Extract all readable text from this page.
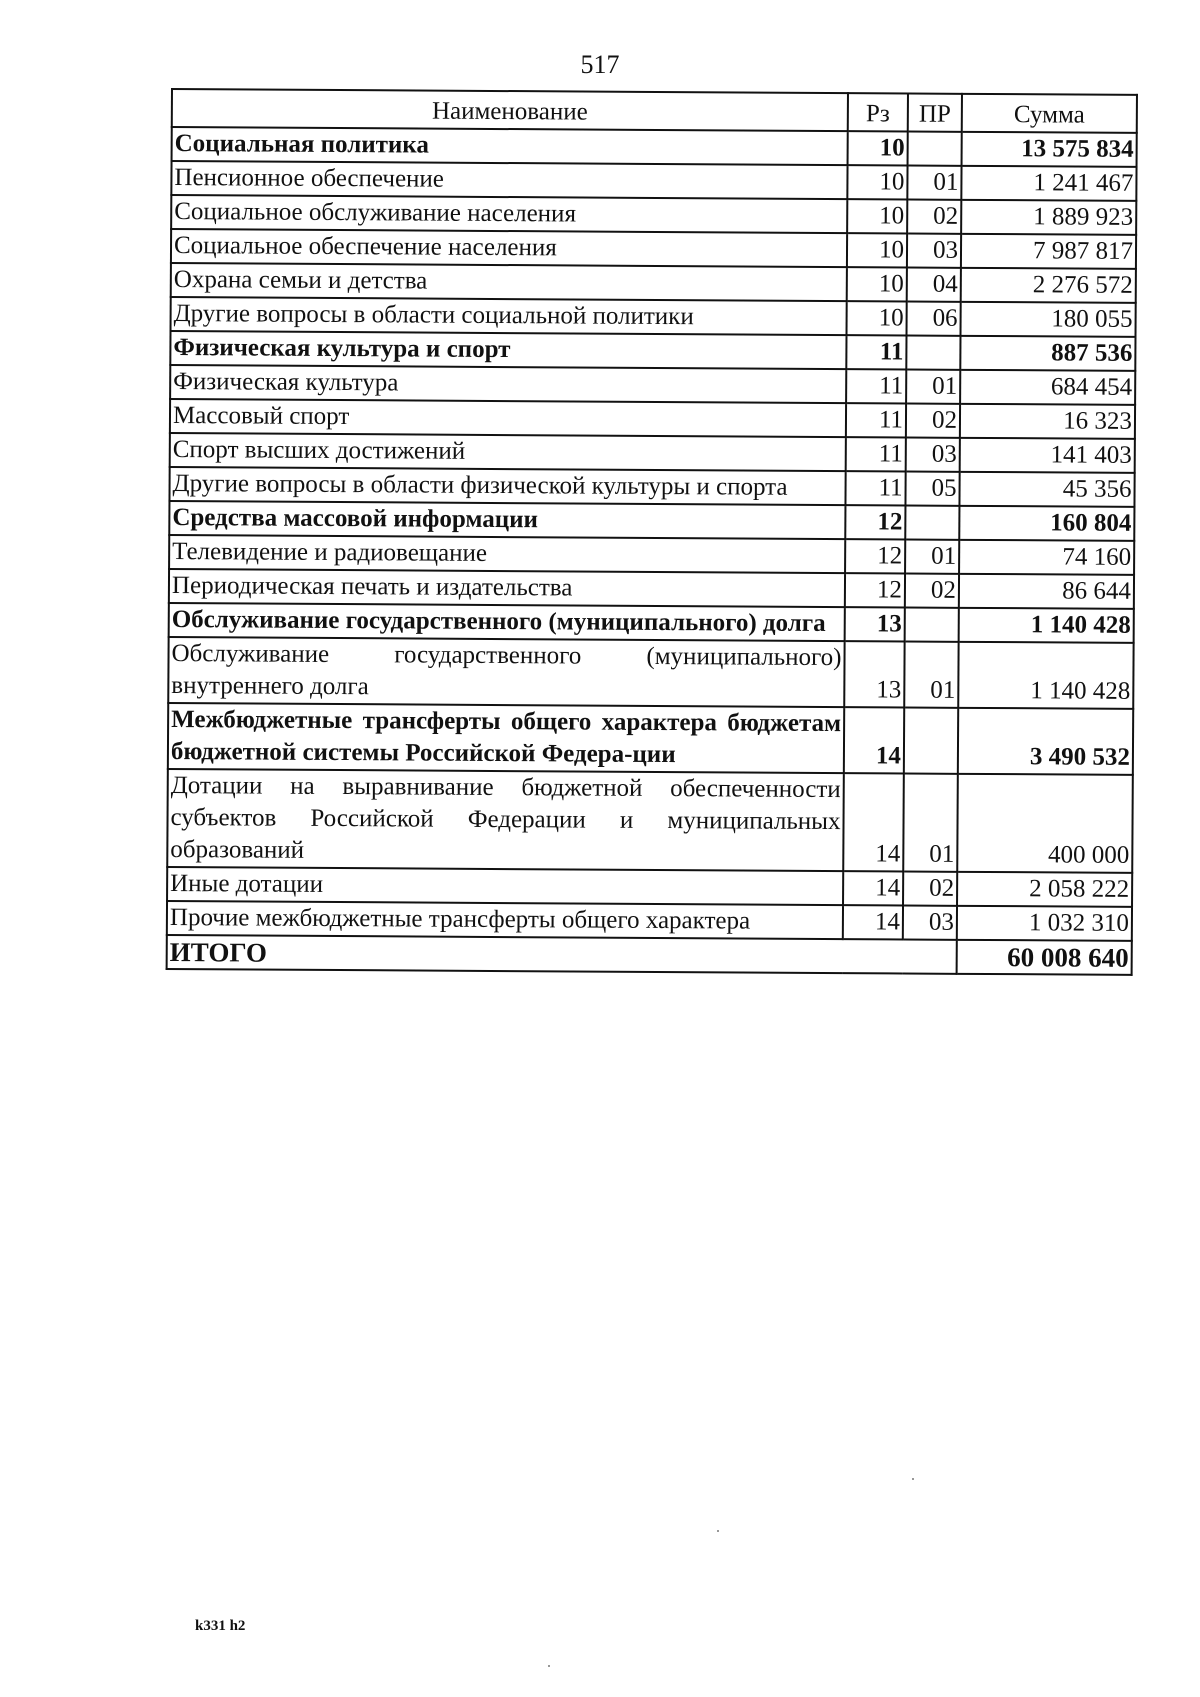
517
Наименование	Рз	ПР	Сумма
Социальная политика	10		13 575 834
Пенсионное обеспечение	10	01	1 241 467
Социальное обслуживание населения	10	02	1 889 923
Социальное обеспечение населения	10	03	7 987 817
Охрана семьи и детства	10	04	2 276 572
Другие вопросы в области социальной политики	10	06	180 055
Физическая культура и спорт	11		887 536
Физическая культура	11	01	684 454
Массовый спорт	11	02	16 323
Спорт высших достижений	11	03	141 403
Другие вопросы в области физической культуры и спорта	11	05	45 356
Средства массовой информации	12		160 804
Телевидение и радиовещание	12	01	74 160
Периодическая печать и издательства	12	02	86 644
Обслуживание государственного (муниципального) долга	13		1 140 428
Обслуживание государственного (муниципального) внутреннего долга	13	01	1 140 428
Межбюджетные трансферты общего характера бюджетам бюджетной системы Российской Федера-ции	14		3 490 532
Дотации на выравнивание бюджетной обеспеченности субъектов Российской Федерации и муниципальных образований	14	01	400 000
Иные дотации	14	02	2 058 222
Прочие межбюджетные трансферты общего характера	14	03	1 032 310
ИТОГО			60 008 640
k331 h2
